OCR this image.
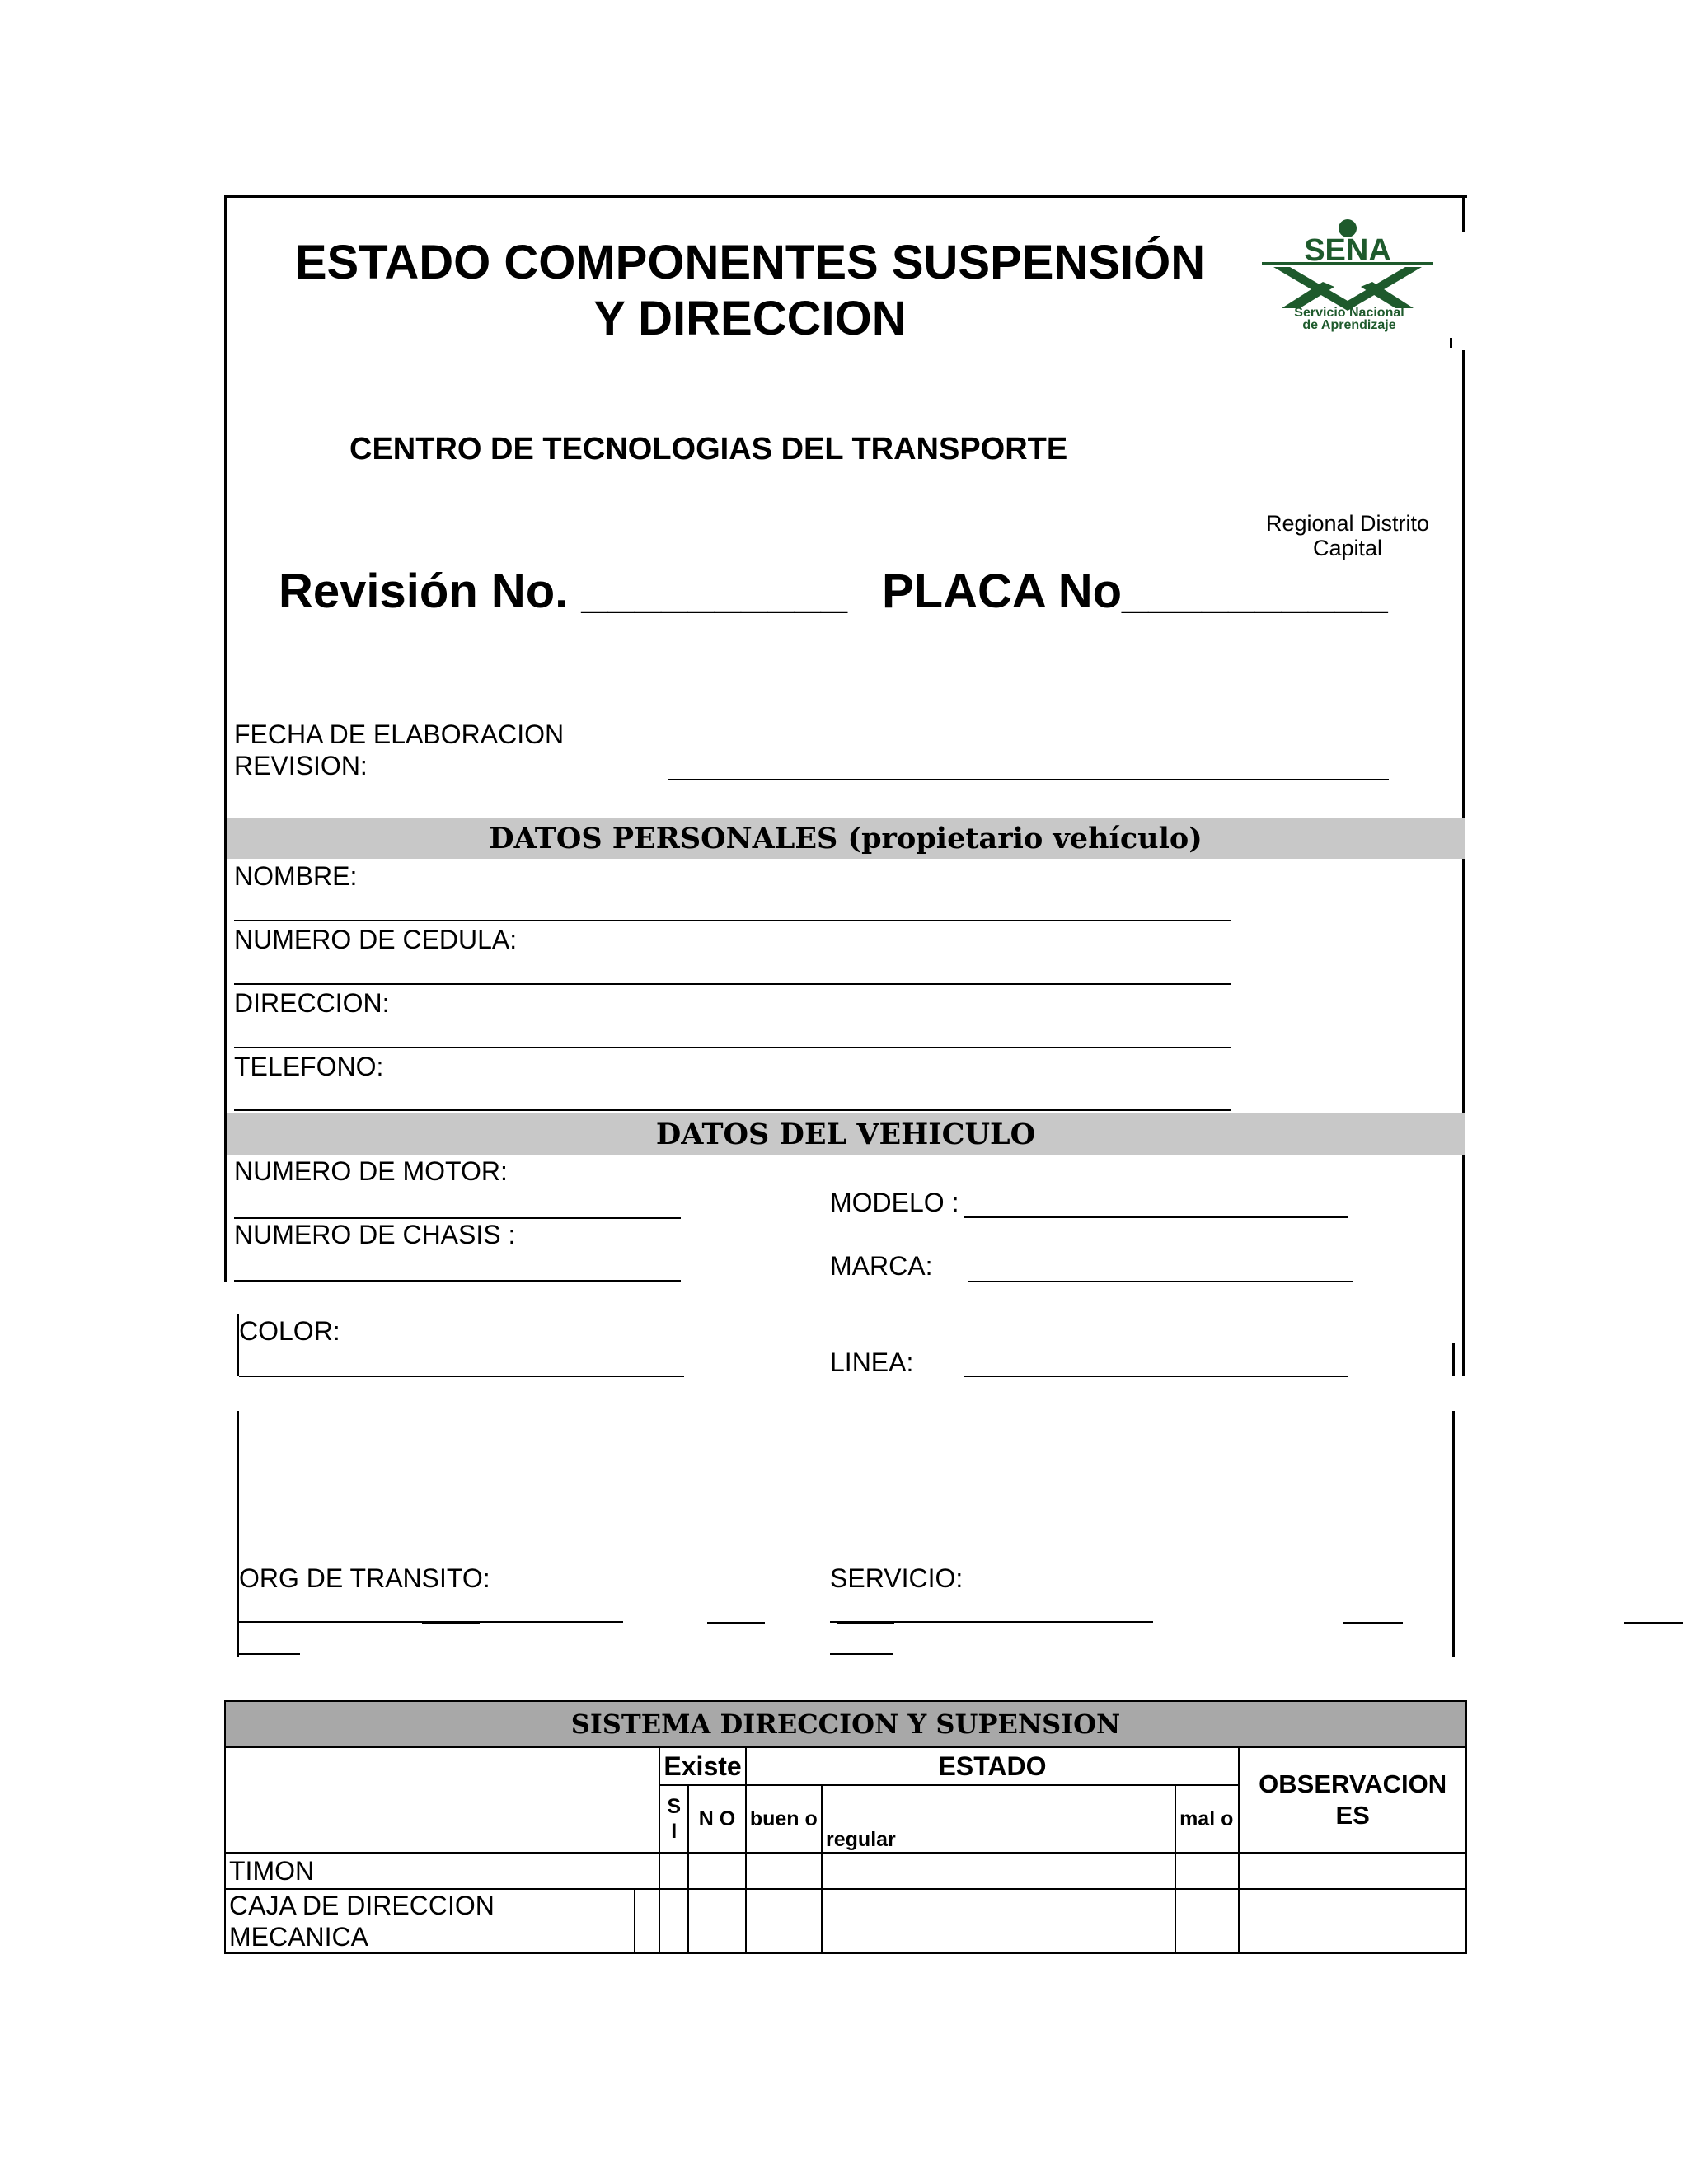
ESTADO COMPONENTES SUSPENSIÓN
Y DIRECCION
SENA
Servicio Nacional
de Aprendizaje
CENTRO DE TECNOLOGIAS DEL TRANSPORTE
Regional Distrito
Capital
Revisión No. __________ PLACA No__________
FECHA DE ELABORACION
REVISION:
DATOS PERSONALES (propietario vehículo)
NOMBRE:
NUMERO DE CEDULA:
DIRECCION:
TELEFONO:
DATOS DEL VEHICULO
NUMERO DE MOTOR:
NUMERO DE CHASIS :
MODELO :
MARCA:
COLOR:
LINEA:
ORG DE TRANSITO:	SERVICIO:
SISTEMA DIRECCION Y SUPENSION							
		Existe		ESTADO			OBSERVACION ES
		S I	N O	buen o	regular	mal o	
TIMON							
CAJA DE DIRECCION MECANICA							
